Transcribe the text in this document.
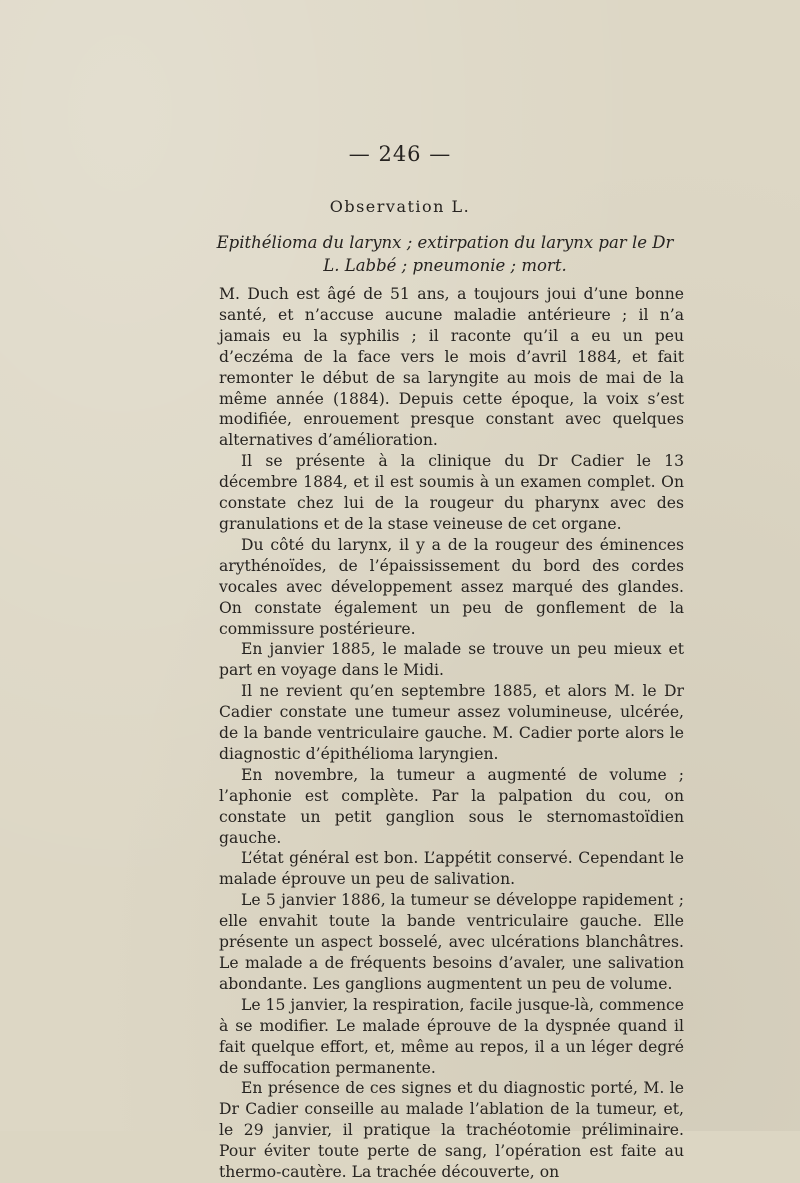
— 246 —
Observation L.
Epithélioma du larynx ; extirpation du larynx par le Dr L. Labbé ; pneumonie ; mort.

M. Duch est âgé de 51 ans, a toujours joui d’une bonne santé, et n’accuse aucune maladie antérieure ; il n’a jamais eu la syphilis ; il raconte qu’il a eu un peu d’eczéma de la face vers le mois d’avril 1884, et fait remonter le début de sa laryngite au mois de mai de la même année (1884). Depuis cette époque, la voix s’est modifiée, enrouement presque constant avec quelques alternatives d’amélioration.

Il se présente à la clinique du Dr Cadier le 13 décembre 1884, et il est soumis à un examen complet. On constate chez lui de la rougeur du pharynx avec des granulations et de la stase veineuse de cet organe.

Du côté du larynx, il y a de la rougeur des éminences arythénoïdes, de l’épaississement du bord des cordes vocales avec développement assez marqué des glandes. On constate également un peu de gonflement de la commissure postérieure.

En janvier 1885, le malade se trouve un peu mieux et part en voyage dans le Midi.

Il ne revient qu’en septembre 1885, et alors M. le Dr Cadier constate une tumeur assez volumineuse, ulcérée, de la bande ventriculaire gauche. M. Cadier porte alors le diagnostic d’épithélioma laryngien.

En novembre, la tumeur a augmenté de volume ; l’aphonie est complète. Par la palpation du cou, on constate un petit ganglion sous le sternomastoïdien gauche.

L’état général est bon. L’appétit conservé. Cependant le malade éprouve un peu de salivation.

Le 5 janvier 1886, la tumeur se développe rapidement ; elle envahit toute la bande ventriculaire gauche. Elle présente un aspect bosselé, avec ulcérations blanchâtres. Le malade a de fréquents besoins d’avaler, une salivation abondante. Les ganglions augmentent un peu de volume.

Le 15 janvier, la respiration, facile jusque-là, commence à se modifier. Le malade éprouve de la dyspnée quand il fait quelque effort, et, même au repos, il a un léger degré de suffocation permanente.

En présence de ces signes et du diagnostic porté, M. le Dr Cadier conseille au malade l’ablation de la tumeur, et, le 29 janvier, il pratique la trachéotomie préliminaire. Pour éviter toute perte de sang, l’opération est faite au thermo-cautère. La trachée découverte, on
